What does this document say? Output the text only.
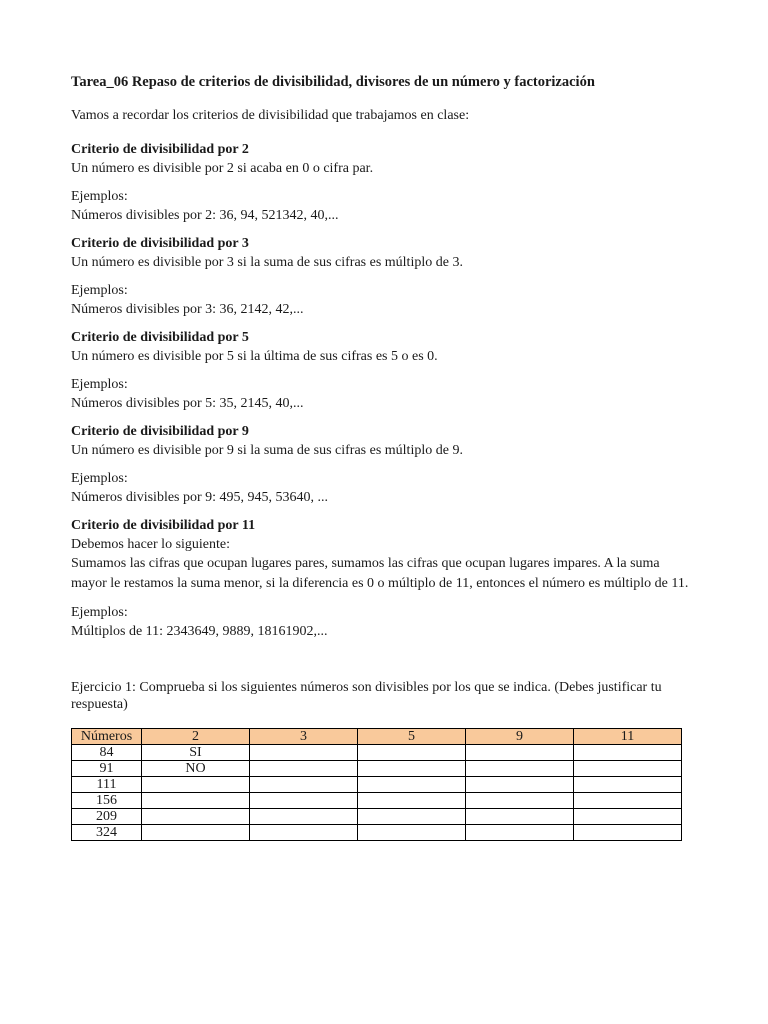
Tarea_06 Repaso de criterios de divisibilidad, divisores de un número y factorización

Vamos a recordar los criterios de divisibilidad que trabajamos en clase:

Criterio de divisibilidad por 2
Un número es divisible por 2 si acaba en 0 o cifra par.
Ejemplos:
Números divisibles por 2: 36, 94, 521342, 40,...
Criterio de divisibilidad por 3
Un número es divisible por 3 si la suma de sus cifras es múltiplo de 3.
Ejemplos:
Números divisibles por 3: 36, 2142, 42,...
Criterio de divisibilidad por 5
Un número es divisible por 5 si la última de sus cifras es 5 o es 0.
Ejemplos:
Números divisibles por 5: 35, 2145, 40,...
Criterio de divisibilidad por 9
Un número es divisible por 9 si la suma de sus cifras es múltiplo de 9.
Ejemplos:
Números divisibles por 9: 495, 945, 53640, ...
Criterio de divisibilidad por 11
Debemos hacer lo siguiente:
Sumamos las cifras que ocupan lugares pares, sumamos las cifras que ocupan lugares impares. A la suma mayor le restamos la suma menor, si la diferencia es 0 o múltiplo de 11, entonces el número es múltiplo de 11.
Ejemplos:
Múltiplos de 11: 2343649, 9889, 18161902,...
Ejercicio 1: Comprueba si los siguientes números son divisibles por los que se indica. (Debes justificar tu respuesta)
Números	2	3	5	9	11
84	SI				
91	NO				
111					
156					
209					
324					
